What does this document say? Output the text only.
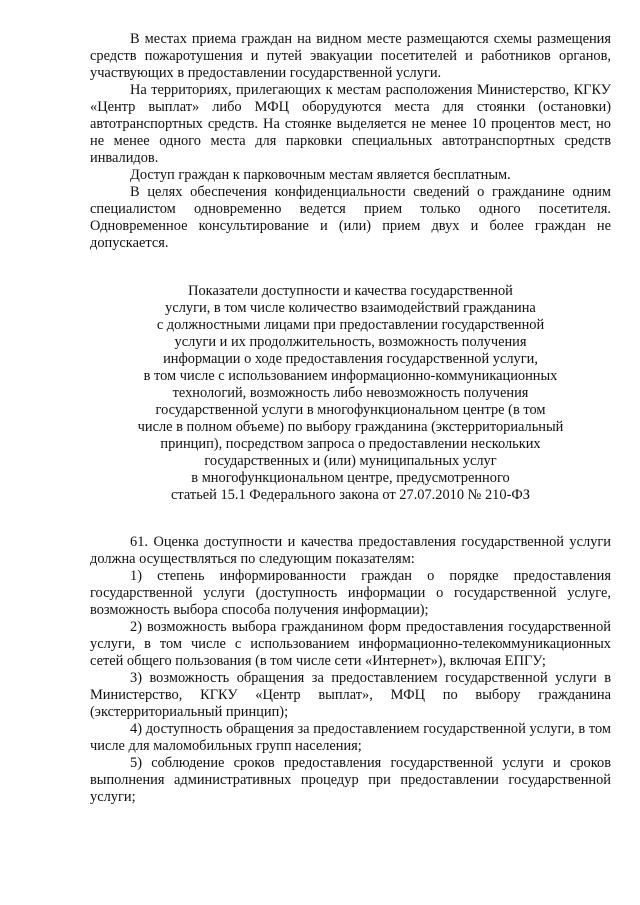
В местах приема граждан на видном месте размещаются схемы размещения средств пожаротушения и путей эвакуации посетителей и работников органов, участвующих в предоставлении государственной услуги.

На территориях, прилегающих к местам расположения Министерство, КГКУ «Центр выплат» либо МФЦ оборудуются места для стоянки (остановки) автотранспортных средств. На стоянке выделяется не менее 10 процентов мест, но не менее одного места для парковки специальных автотранспортных средств инвалидов.

Доступ граждан к парковочным местам является бесплатным.

В целях обеспечения конфиденциальности сведений о гражданине одним специалистом одновременно ведется прием только одного посетителя. Одновременное консультирование и (или) прием двух и более граждан не допускается.

Показатели доступности и качества государственной
услуги, в том числе количество взаимодействий гражданина
с должностными лицами при предоставлении государственной
услуги и их продолжительность, возможность получения
информации о ходе предоставления государственной услуги,
в том числе с использованием информационно-коммуникационных
технологий, возможность либо невозможность получения
государственной услуги в многофункциональном центре (в том
числе в полном объеме) по выбору гражданина (экстерриториальный
принцип), посредством запроса о предоставлении нескольких
государственных и (или) муниципальных услуг
в многофункциональном центре, предусмотренного
статьей 15.1 Федерального закона от 27.07.2010 № 210-ФЗ

61. Оценка доступности и качества предоставления государственной услуги должна осуществляться по следующим показателям:

1) степень информированности граждан о порядке предоставления государственной услуги (доступность информации о государственной услуге, возможность выбора способа получения информации);

2) возможность выбора гражданином форм предоставления государственной услуги, в том числе с использованием информационно-телекоммуникационных сетей общего пользования (в том числе сети «Интернет»), включая ЕПГУ;

3) возможность обращения за предоставлением государственной услуги в Министерство, КГКУ «Центр выплат», МФЦ по выбору гражданина (экстерриториальный принцип);

4) доступность обращения за предоставлением государственной услуги, в том числе для маломобильных групп населения;

5) соблюдение сроков предоставления государственной услуги и сроков выполнения административных процедур при предоставлении государственной услуги;
